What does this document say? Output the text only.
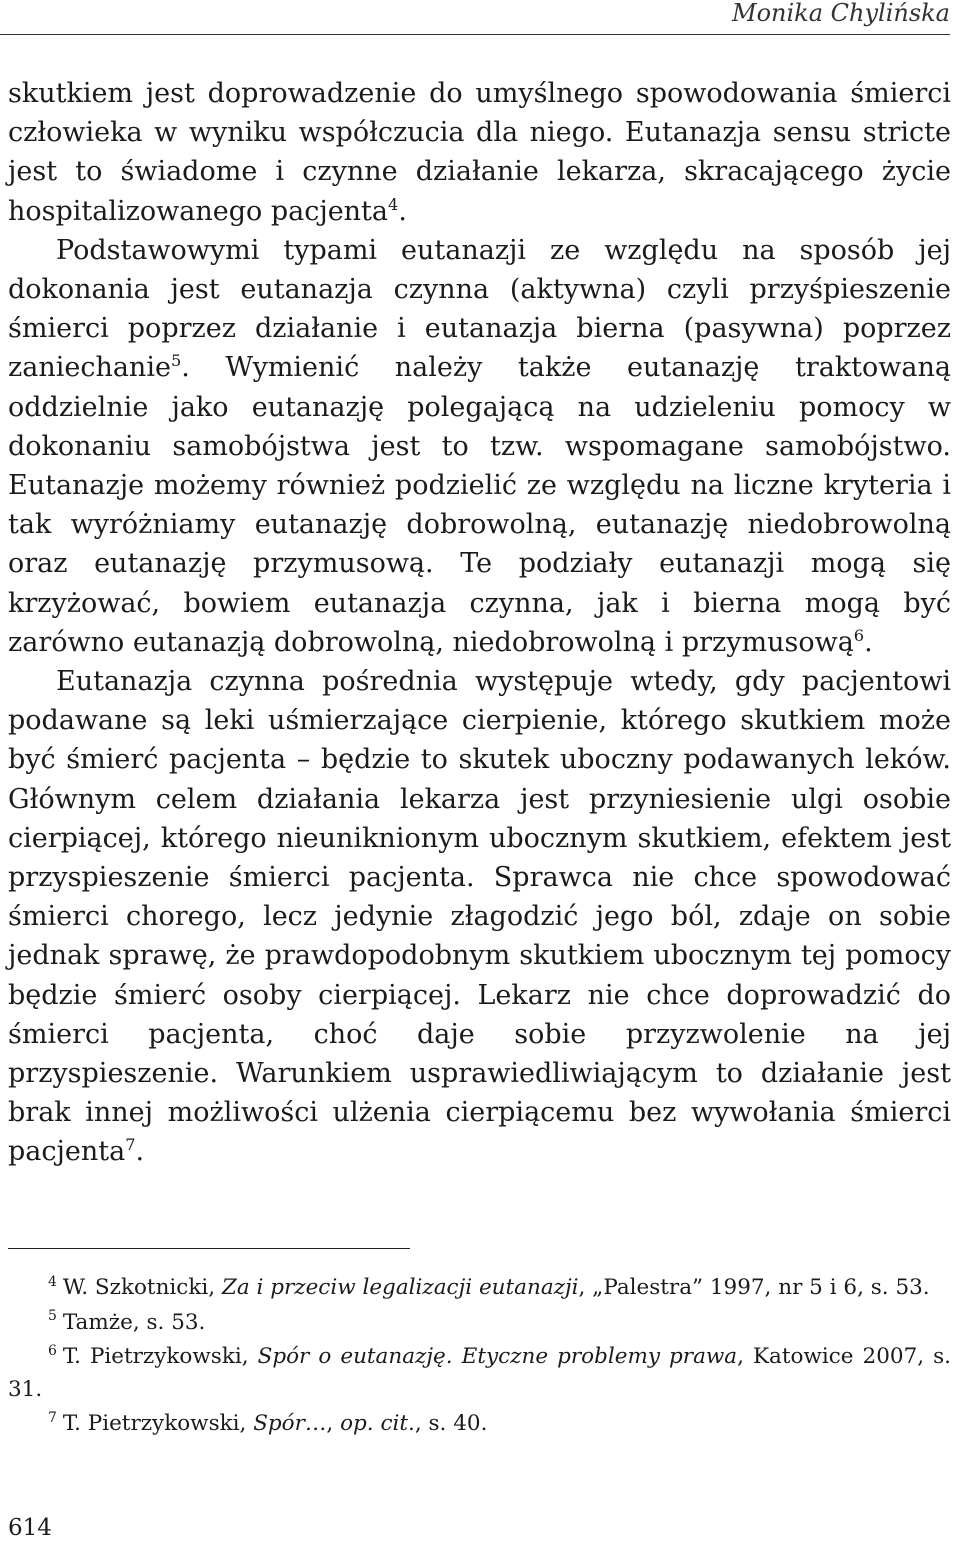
Monika Chylińska

skutkiem jest doprowadzenie do umyślnego spowodowania śmierci człowieka w wyniku współczucia dla niego. Eutanazja sensu stricte jest to świadome i czynne działanie lekarza, skracającego życie hospitalizowanego pacjenta$^4$.

Podstawowymi typami eutanazji ze względu na sposób jej dokonania jest eutanazja czynna (aktywna) czyli przyśpieszenie śmierci poprzez działanie i eutanazja bierna (pasywna) poprzez zaniechanie$^5$. Wymienić należy także eutanazję traktowaną oddzielnie jako eutanazję polegającą na udzieleniu pomocy w dokonaniu samobójstwa jest to tzw. wspomagane samobójstwo. Eutanazje możemy również podzielić ze względu na liczne kryteria i tak wyróżniamy eutanazję dobrowolną, eutanazję niedobrowolną oraz eutanazję przymusową. Te podziały eutanazji mogą się krzyżować, bowiem eutanazja czynna, jak i bierna mogą być zarówno eutanazją dobrowolną, niedobrowolną i przymusową$^6$.

Eutanazja czynna pośrednia występuje wtedy, gdy pacjentowi podawane są leki uśmierzające cierpienie, którego skutkiem może być śmierć pacjenta – będzie to skutek uboczny podawanych leków. Głównym celem działania lekarza jest przyniesienie ulgi osobie cierpiącej, którego nieuniknionym ubocznym skutkiem, efektem jest przyspieszenie śmierci pacjenta. Sprawca nie chce spowodować śmierci chorego, lecz jedynie złagodzić jego ból, zdaje on sobie jednak sprawę, że prawdopodobnym skutkiem ubocznym tej pomocy będzie śmierć osoby cierpiącej. Lekarz nie chce doprowadzić do śmierci pacjenta, choć daje sobie przyzwolenie na jej przyspieszenie. Warunkiem usprawiedliwiającym to działanie jest brak innej możliwości ulżenia cierpiącemu bez wywołania śmierci pacjenta$^7$.

$^4$ W. Szkotnicki, Za i przeciw legalizacji eutanazji, „Palestra” 1997, nr 5 i 6, s. 53.

$^5$ Tamże, s. 53.

$^6$ T. Pietrzykowski, Spór o eutanazję. Etyczne problemy prawa, Katowice 2007, s. 31.

$^7$ T. Pietrzykowski, Spór…, op. cit., s. 40.

614
